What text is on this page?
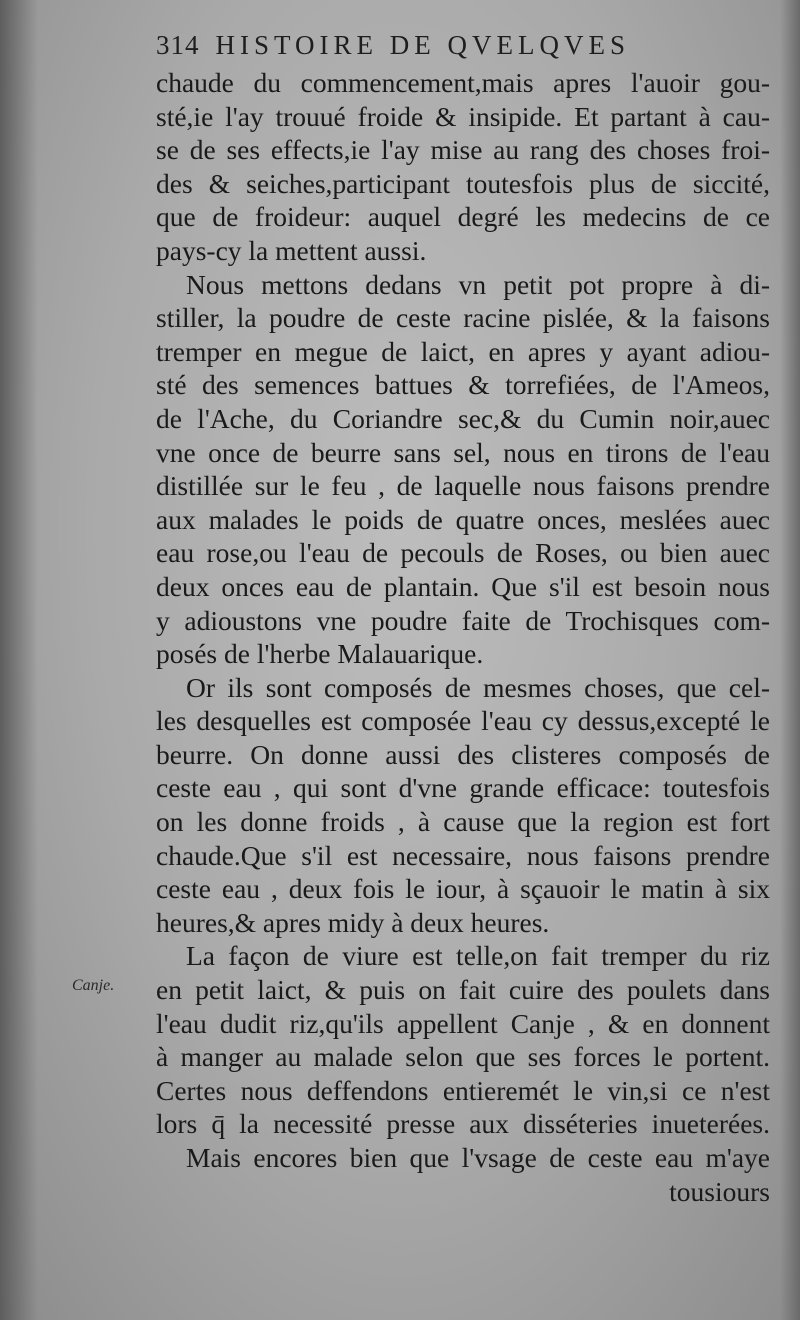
314 HISTOIRE DE QVELQVES
Canje.
chaude du commencement,mais apres l'auoir gou-
sté,ie l'ay trouué froide & insipide. Et partant à cau-
se de ses effects,ie l'ay mise au rang des choses froi-
des & seiches,participant toutesfois plus de siccité,
que de froideur: auquel degré les medecins de ce
pays-cy la mettent aussi.
Nous mettons dedans vn petit pot propre à di-
stiller, la poudre de ceste racine pislée, & la faisons
tremper en megue de laict, en apres y ayant adiou-
sté des semences battues & torrefiées, de l'Ameos,
de l'Ache, du Coriandre sec,& du Cumin noir,auec
vne once de beurre sans sel, nous en tirons de l'eau
distillée sur le feu , de laquelle nous faisons prendre
aux malades le poids de quatre onces, meslées auec
eau rose,ou l'eau de pecouls de Roses, ou bien auec
deux onces eau de plantain. Que s'il est besoin nous
y adioustons vne poudre faite de Trochisques com-
posés de l'herbe Malauarique.
Or ils sont composés de mesmes choses, que cel-
les desquelles est composée l'eau cy dessus,excepté le
beurre. On donne aussi des clisteres composés de
ceste eau , qui sont d'vne grande efficace: toutesfois
on les donne froids , à cause que la region est fort
chaude.Que s'il est necessaire, nous faisons prendre
ceste eau , deux fois le iour, à sçauoir le matin à six
heures,& apres midy à deux heures.
La façon de viure est telle,on fait tremper du riz
en petit laict, & puis on fait cuire des poulets dans
l'eau dudit riz,qu'ils appellent Canje , & en donnent
à manger au malade selon que ses forces le portent.
Certes nous deffendons entieremét le vin,si ce n'est
lors q̄ la necessité presse aux disséteries inueterées.
Mais encores bien que l'vsage de ceste eau m'aye
tousiours
